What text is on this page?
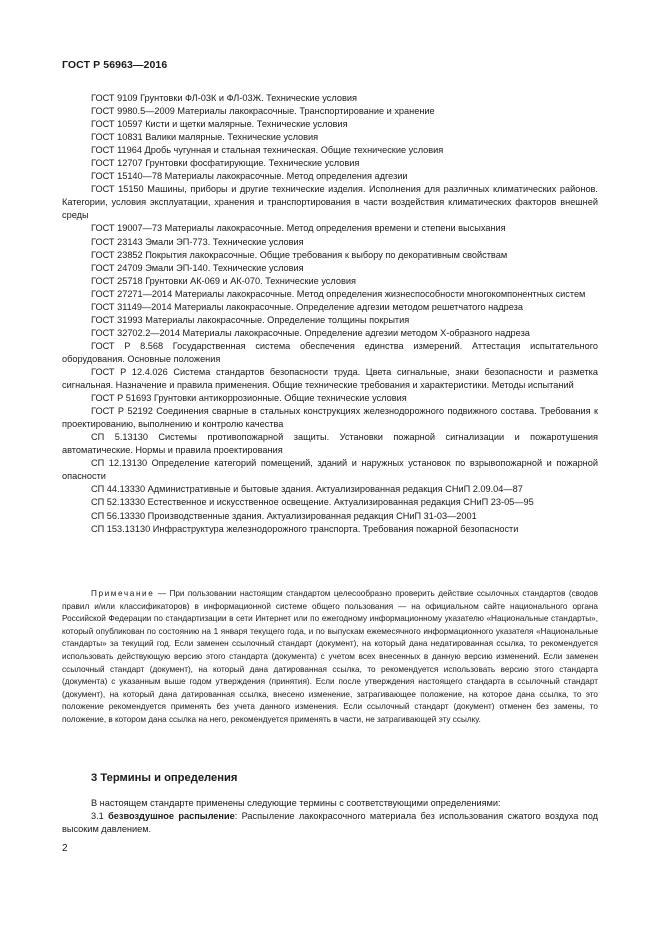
ГОСТ Р 56963—2016

ГОСТ 9109 Грунтовки ФЛ-03К и ФЛ-03Ж. Технические условия

ГОСТ 9980.5—2009 Материалы лакокрасочные. Транспортирование и хранение

ГОСТ 10597 Кисти и щетки малярные. Технические условия

ГОСТ 10831 Валики малярные. Технические условия

ГОСТ 11964 Дробь чугунная и стальная техническая. Общие технические условия

ГОСТ 12707 Грунтовки фосфатирующие. Технические условия

ГОСТ 15140—78 Материалы лакокрасочные. Метод определения адгезии

ГОСТ 15150 Машины, приборы и другие технические изделия. Исполнения для различных климатических районов. Категории, условия эксплуатации, хранения и транспортирования в части воздействия климатических факторов внешней среды

ГОСТ 19007—73 Материалы лакокрасочные. Метод определения времени и степени высыхания

ГОСТ 23143 Эмали ЭП-773. Технические условия

ГОСТ 23852 Покрытия лакокрасочные. Общие требования к выбору по декоративным свойствам

ГОСТ 24709 Эмали ЭП-140. Технические условия

ГОСТ 25718 Грунтовки АК-069 и АК-070. Технические условия

ГОСТ 27271—2014 Материалы лакокрасочные. Метод определения жизнеспособности многокомпонентных систем

ГОСТ 31149—2014 Материалы лакокрасочные. Определение адгезии методом решетчатого надреза

ГОСТ 31993 Материалы лакокрасочные. Определение толщины покрытия

ГОСТ 32702.2—2014 Материалы лакокрасочные. Определение адгезии методом Х-образного надреза

ГОСТ Р 8.568 Государственная система обеспечения единства измерений. Аттестация испытательного оборудования. Основные положения

ГОСТ Р 12.4.026 Система стандартов безопасности труда. Цвета сигнальные, знаки безопасности и разметка сигнальная. Назначение и правила применения. Общие технические требования и характеристики. Методы испытаний

ГОСТ Р 51693 Грунтовки антикоррозионные. Общие технические условия

ГОСТ Р 52192 Соединения сварные в стальных конструкциях железнодорожного подвижного состава. Требования к проектированию, выполнению и контролю качества

СП 5.13130 Системы противопожарной защиты. Установки пожарной сигнализации и пожаротушения автоматические. Нормы и правила проектирования

СП 12.13130 Определение категорий помещений, зданий и наружных установок по взрывопожарной и пожарной опасности

СП 44.13330 Административные и бытовые здания. Актуализированная редакция СНиП 2.09.04—87

СП 52.13330 Естественное и искусственное освещение. Актуализированная редакция СНиП 23-05—95

СП 56.13330 Производственные здания. Актуализированная редакция СНиП 31-03—2001

СП 153.13130 Инфраструктура железнодорожного транспорта. Требования пожарной безопасности

Примечание — При пользовании настоящим стандартом целесообразно проверить действие ссылочных стандартов (сводов правил и/или классификаторов) в информационной системе общего пользования — на официальном сайте национального органа Российской Федерации по стандартизации в сети Интернет или по ежегодному информационному указателю «Национальные стандарты», который опубликован по состоянию на 1 января текущего года, и по выпускам ежемесячного информационного указателя «Национальные стандарты» за текущий год. Если заменен ссылочный стандарт (документ), на который дана недатированная ссылка, то рекомендуется использовать действующую версию этого стандарта (документа) с учетом всех внесенных в данную версию изменений. Если заменен ссылочный стандарт (документ), на который дана датированная ссылка, то рекомендуется использовать версию этого стандарта (документа) с указанным выше годом утверждения (принятия). Если после утверждения настоящего стандарта в ссылочный стандарт (документ), на который дана датированная ссылка, внесено изменение, затрагивающее положение, на которое дана ссылка, то это положение рекомендуется применять без учета данного изменения. Если ссылочный стандарт (документ) отменен без замены, то положение, в котором дана ссылка на него, рекомендуется применять в части, не затрагивающей эту ссылку.

3 Термины и определения

В настоящем стандарте применены следующие термины с соответствующими определениями:

3.1 безвоздушное распыление: Распыление лакокрасочного материала без использования сжатого воздуха под высоким давлением.

2
